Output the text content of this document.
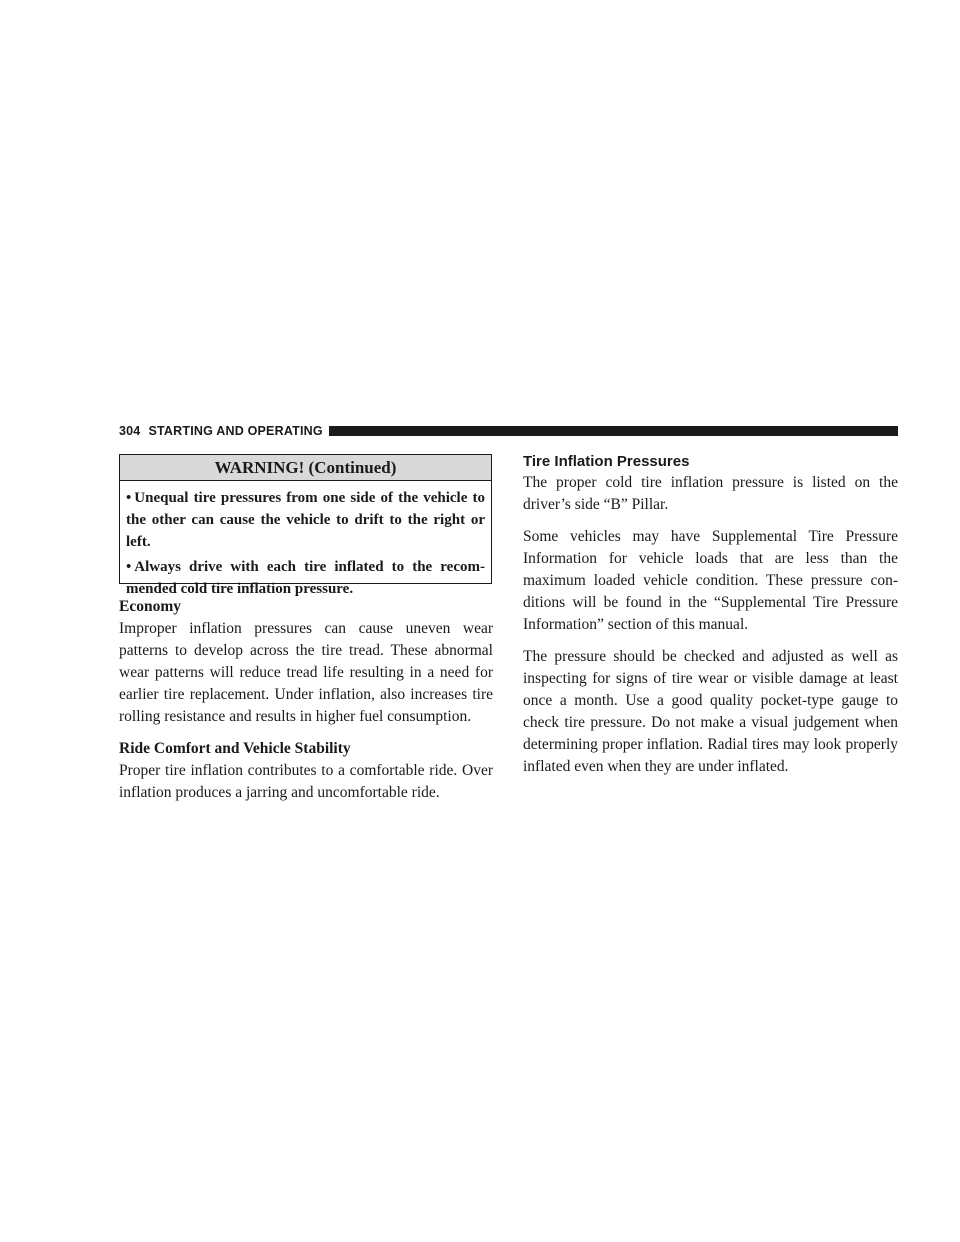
304 STARTING AND OPERATING
WARNING! (Continued)
• Unequal tire pressures from one side of the vehicle to the other can cause the vehicle to drift to the right or left.
• Always drive with each tire inflated to the recom- mended cold tire inflation pressure.
Economy

Improper inflation pressures can cause uneven wear patterns to develop across the tire tread. These abnormal wear patterns will reduce tread life resulting in a need for earlier tire replacement. Under inflation, also increases tire rolling resistance and results in higher fuel consumption.

Ride Comfort and Vehicle Stability

Proper tire inflation contributes to a comfortable ride. Over inflation produces a jarring and uncomfortable ride.

Tire Inflation Pressures

The proper cold tire inflation pressure is listed on the driver’s side “B” Pillar.

Some vehicles may have Supplemental Tire Pressure Information for vehicle loads that are less than the maximum loaded vehicle condition. These pressure con- ditions will be found in the “Supplemental Tire Pressure Information” section of this manual.

The pressure should be checked and adjusted as well as inspecting for signs of tire wear or visible damage at least once a month. Use a good quality pocket-type gauge to check tire pressure. Do not make a visual judgement when determining proper inflation. Radial tires may look properly inflated even when they are under inflated.
